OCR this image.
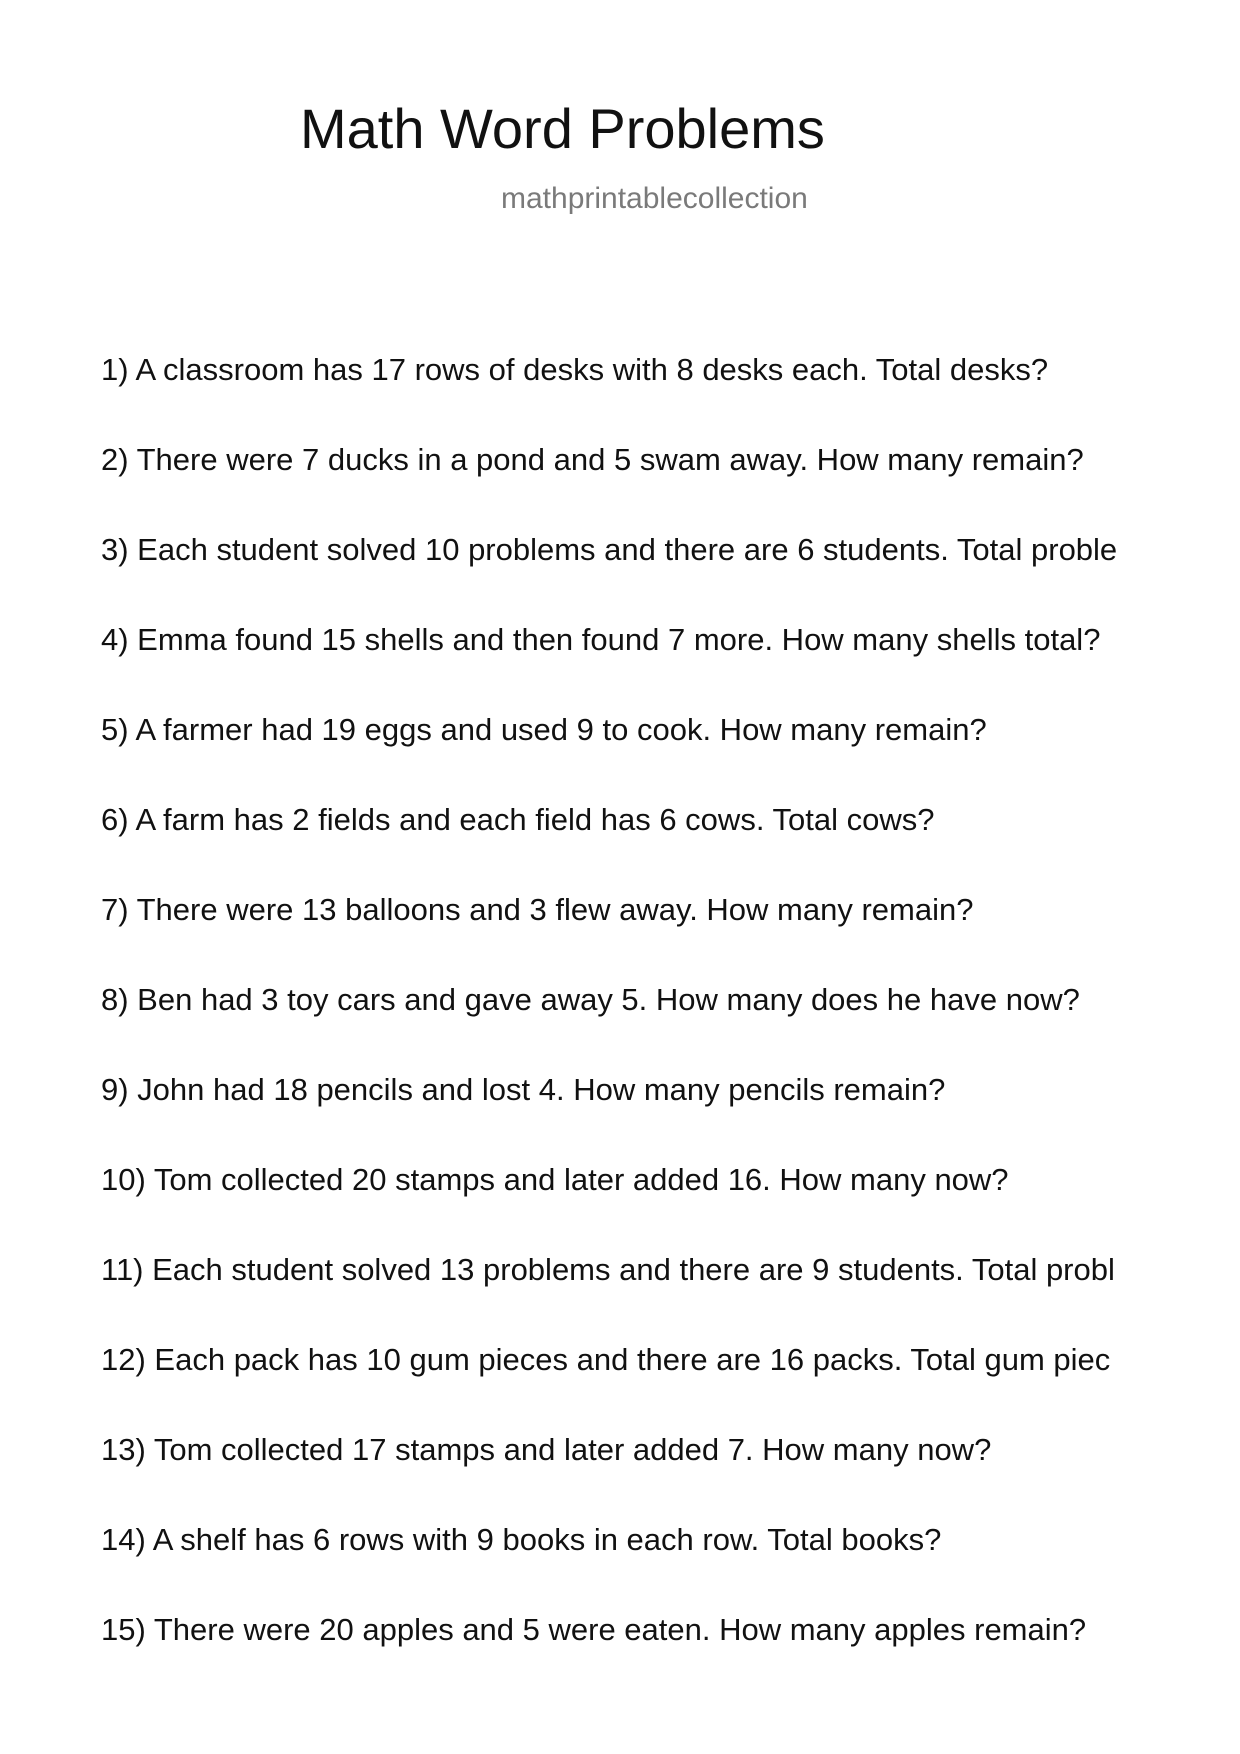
Math Word Problems
mathprintablecollection
1) A classroom has 17 rows of desks with 8 desks each. Total desks?
2) There were 7 ducks in a pond and 5 swam away. How many remain?
3) Each student solved 10 problems and there are 6 students. Total proble
4) Emma found 15 shells and then found 7 more. How many shells total?
5) A farmer had 19 eggs and used 9 to cook. How many remain?
6) A farm has 2 fields and each field has 6 cows. Total cows?
7) There were 13 balloons and 3 flew away. How many remain?
8) Ben had 3 toy cars and gave away 5. How many does he have now?
9) John had 18 pencils and lost 4. How many pencils remain?
10) Tom collected 20 stamps and later added 16. How many now?
11) Each student solved 13 problems and there are 9 students. Total probl
12) Each pack has 10 gum pieces and there are 16 packs. Total gum piec
13) Tom collected 17 stamps and later added 7. How many now?
14) A shelf has 6 rows with 9 books in each row. Total books?
15) There were 20 apples and 5 were eaten. How many apples remain?
